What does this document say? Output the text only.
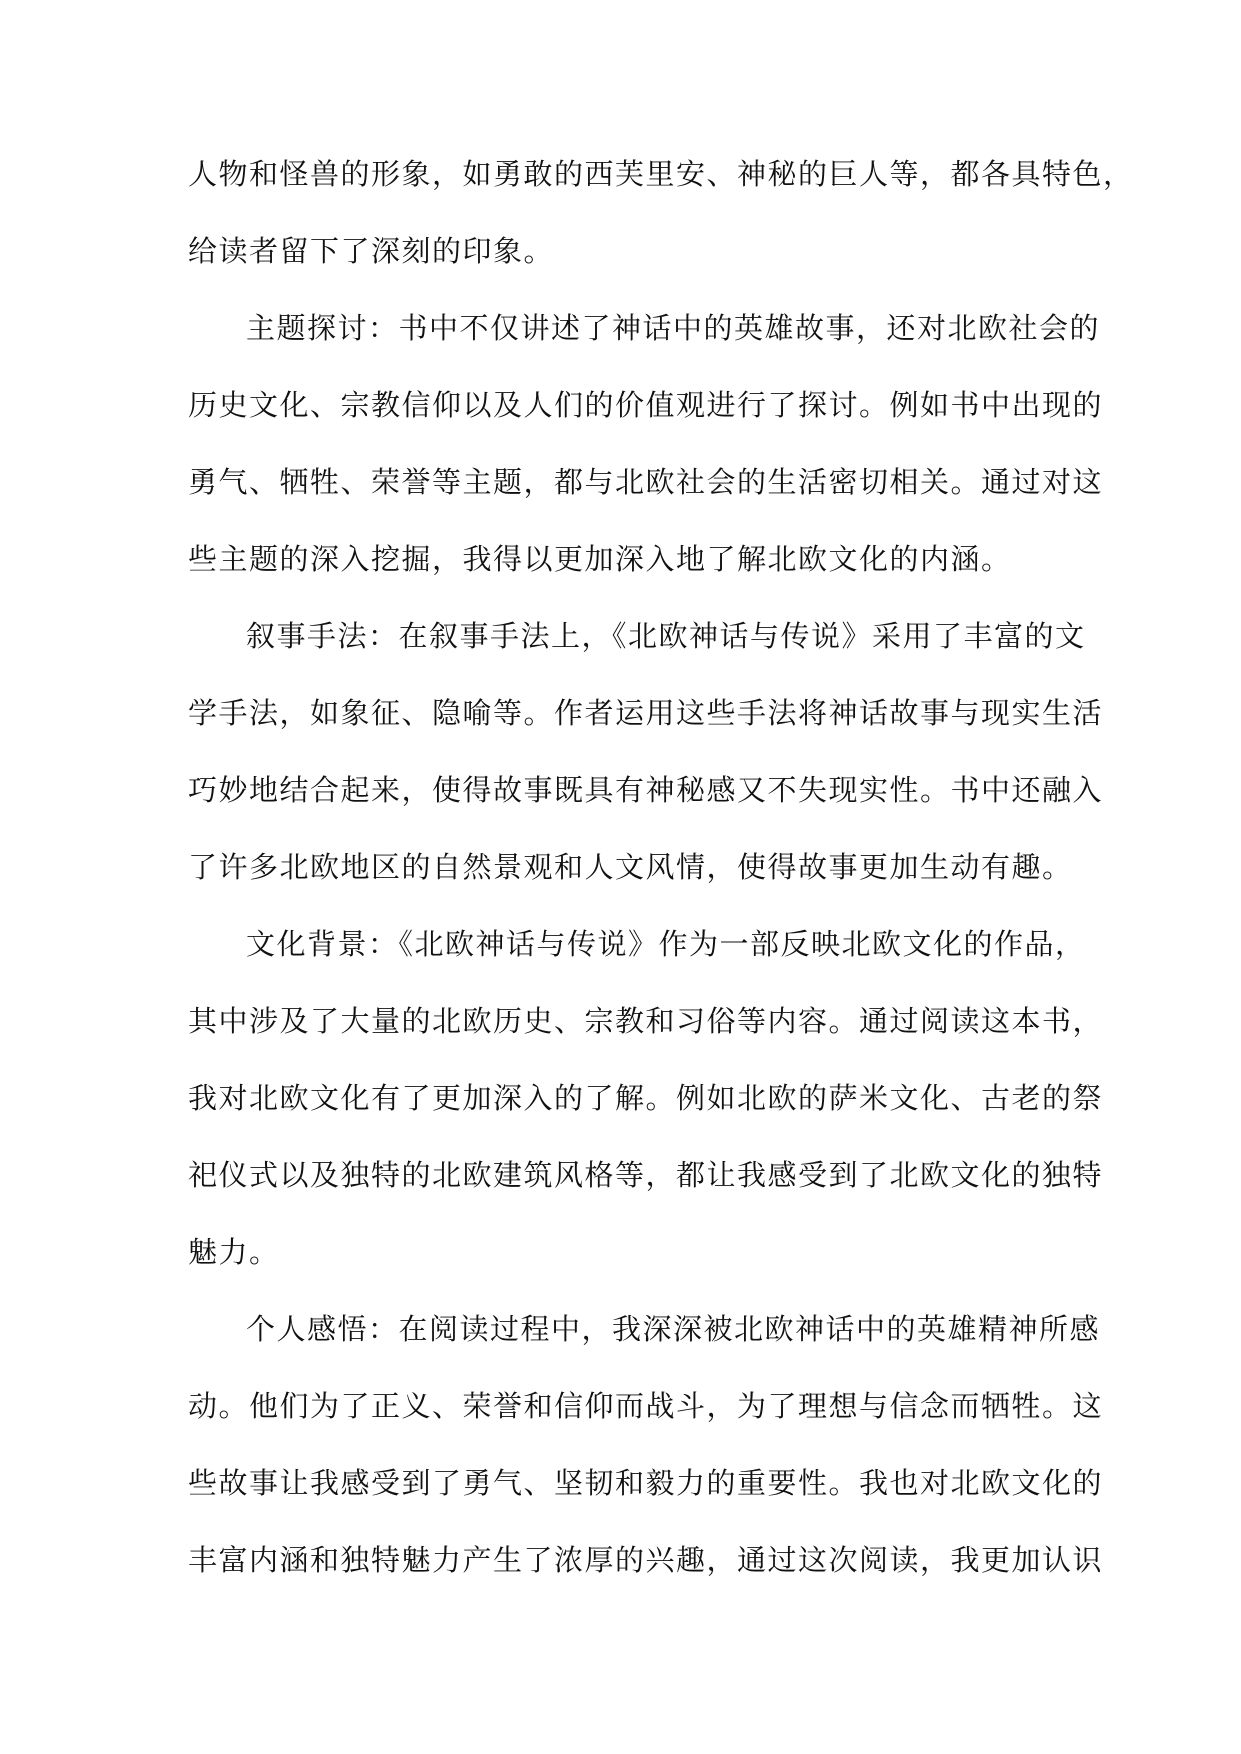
人物和怪兽的形象，如勇敢的西芙里安、神秘的巨人等，都各具特色，
给读者留下了深刻的印象。
主题探讨：书中不仅讲述了神话中的英雄故事，还对北欧社会的
历史文化、宗教信仰以及人们的价值观进行了探讨。例如书中出现的
勇气、牺牲、荣誉等主题，都与北欧社会的生活密切相关。通过对这
些主题的深入挖掘，我得以更加深入地了解北欧文化的内涵。
叙事手法：在叙事手法上，《北欧神话与传说》采用了丰富的文
学手法，如象征、隐喻等。作者运用这些手法将神话故事与现实生活
巧妙地结合起来，使得故事既具有神秘感又不失现实性。书中还融入
了许多北欧地区的自然景观和人文风情，使得故事更加生动有趣。
文化背景：《北欧神话与传说》作为一部反映北欧文化的作品，
其中涉及了大量的北欧历史、宗教和习俗等内容。通过阅读这本书，
我对北欧文化有了更加深入的了解。例如北欧的萨米文化、古老的祭
祀仪式以及独特的北欧建筑风格等，都让我感受到了北欧文化的独特
魅力。
个人感悟：在阅读过程中，我深深被北欧神话中的英雄精神所感
动。他们为了正义、荣誉和信仰而战斗，为了理想与信念而牺牲。这
些故事让我感受到了勇气、坚韧和毅力的重要性。我也对北欧文化的
丰富内涵和独特魅力产生了浓厚的兴趣，通过这次阅读，我更加认识
